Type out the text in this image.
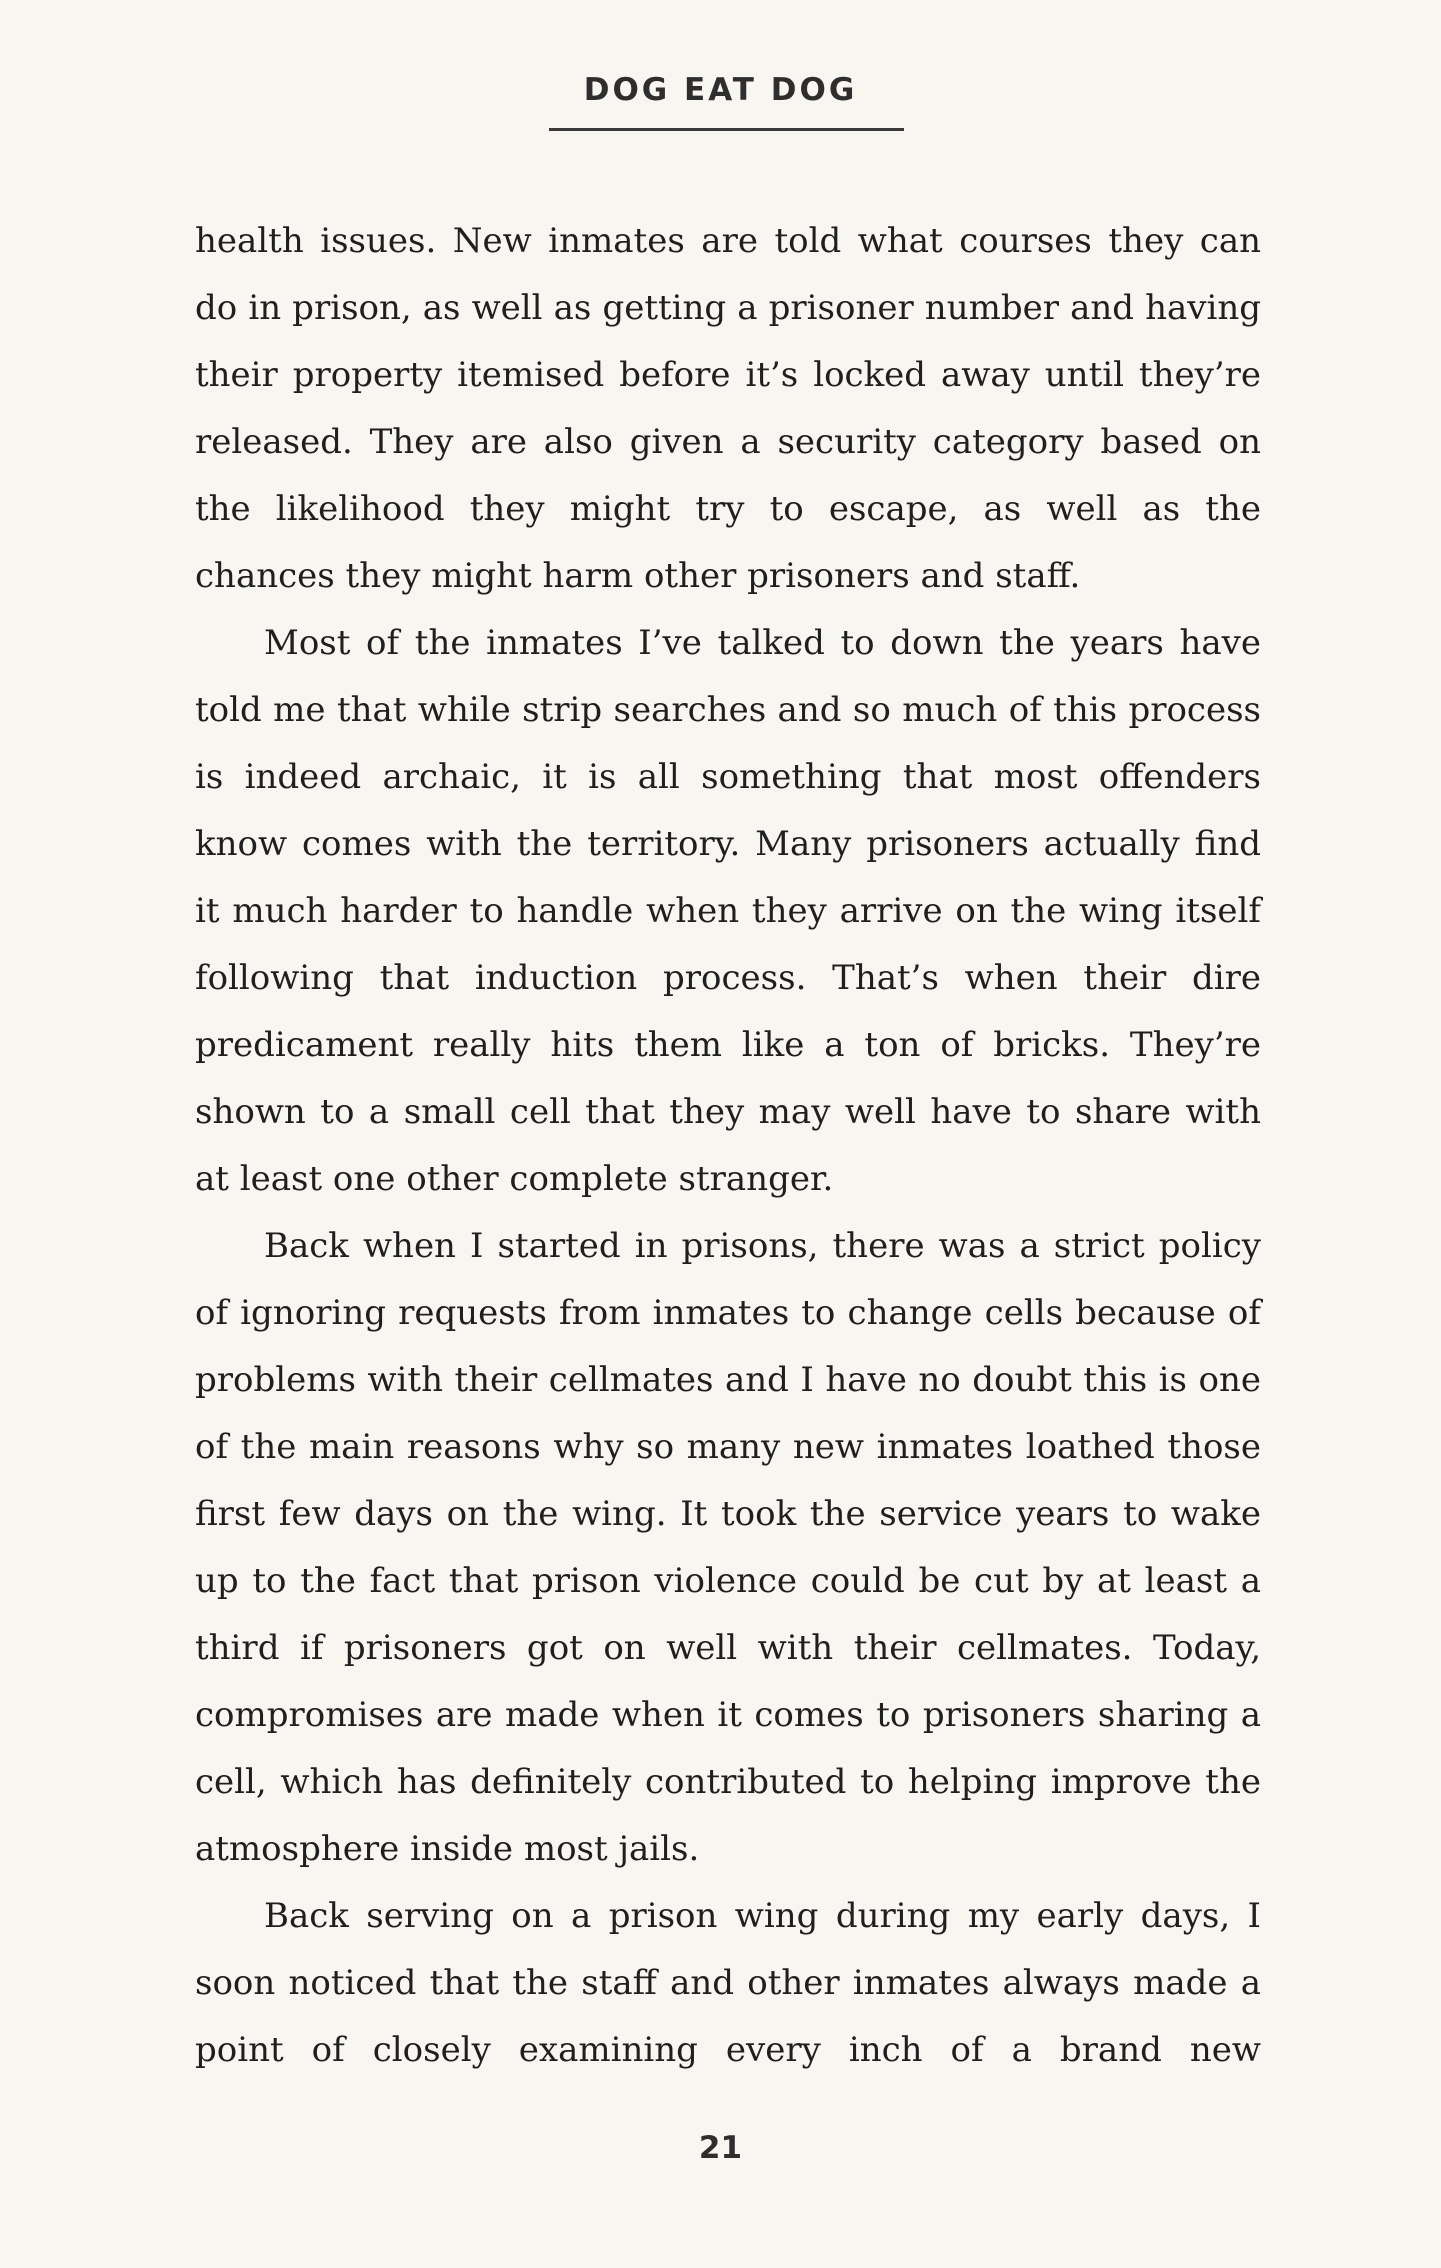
DOG EAT DOG

health issues. New inmates are told what courses they can do in prison, as well as getting a prisoner number and having their property itemised before it’s locked away until they’re released. They are also given a security category based on the likelihood they might try to escape, as well as the chances they might harm other prisoners and staff.

Most of the inmates I’ve talked to down the years have told me that while strip searches and so much of this process is indeed archaic, it is all something that most offenders know comes with the territory. Many prisoners actually find it much harder to handle when they arrive on the wing itself following that induction process. That’s when their dire predicament really hits them like a ton of bricks. They’re shown to a small cell that they may well have to share with at least one other complete stranger.

Back when I started in prisons, there was a strict policy of ignoring requests from inmates to change cells because of problems with their cellmates and I have no doubt this is one of the main reasons why so many new inmates loathed those first few days on the wing. It took the service years to wake up to the fact that prison violence could be cut by at least a third if prisoners got on well with their cellmates. Today, compromises are made when it comes to prisoners sharing a cell, which has definitely contributed to helping improve the atmosphere inside most jails.

Back serving on a prison wing during my early days, I soon noticed that the staff and other inmates always made a point of closely examining every inch of a brand new

21
